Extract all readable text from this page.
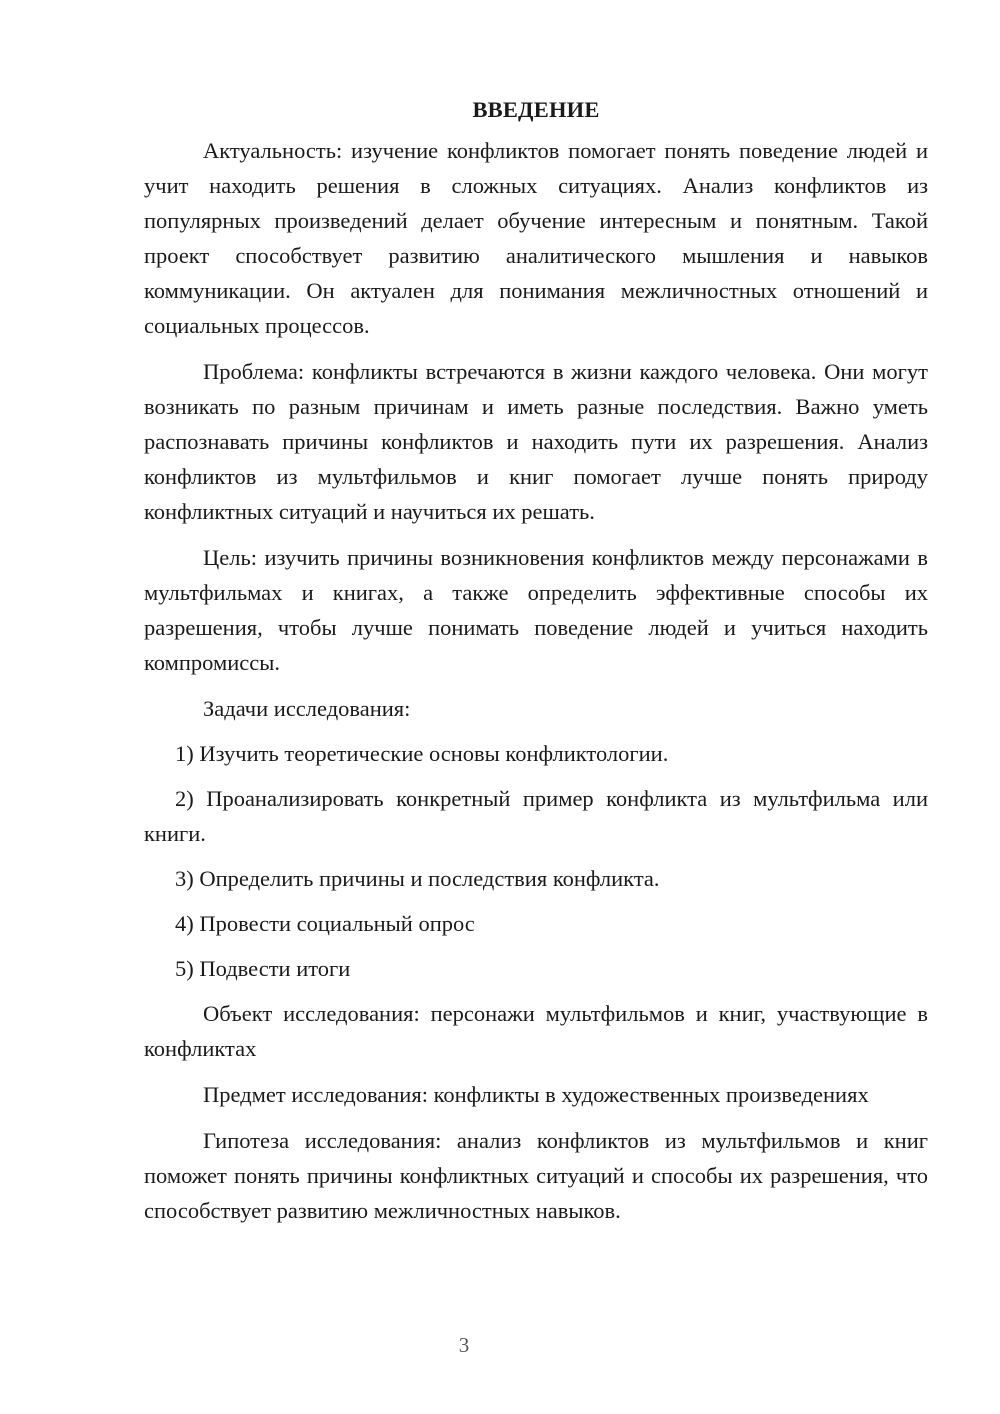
ВВЕДЕНИЕ

Актуальность: изучение конфликтов помогает понять поведение людей и учит находить решения в сложных ситуациях. Анализ конфликтов из популярных произведений делает обучение интересным и понятным. Такой проект способствует развитию аналитического мышления и навыков коммуникации. Он актуален для понимания межличностных отношений и социальных процессов.

Проблема: конфликты встречаются в жизни каждого человека. Они могут возникать по разным причинам и иметь разные последствия. Важно уметь распознавать причины конфликтов и находить пути их разрешения. Анализ конфликтов из мультфильмов и книг помогает лучше понять природу конфликтных ситуаций и научиться их решать.

Цель: изучить причины возникновения конфликтов между персонажами в мультфильмах и книгах, а также определить эффективные способы их разрешения, чтобы лучше понимать поведение людей и учиться находить компромиссы.

Задачи исследования:

1) Изучить теоретические основы конфликтологии.

2) Проанализировать конкретный пример конфликта из мультфильма или книги.

3) Определить причины и последствия конфликта.

4) Провести социальный опрос

5) Подвести итоги

Объект исследования: персонажи мультфильмов и книг, участвующие в конфликтах

Предмет исследования: конфликты в художественных произведениях

Гипотеза исследования: анализ конфликтов из мультфильмов и книг поможет понять причины конфликтных ситуаций и способы их разрешения, что способствует развитию межличностных навыков.

3
